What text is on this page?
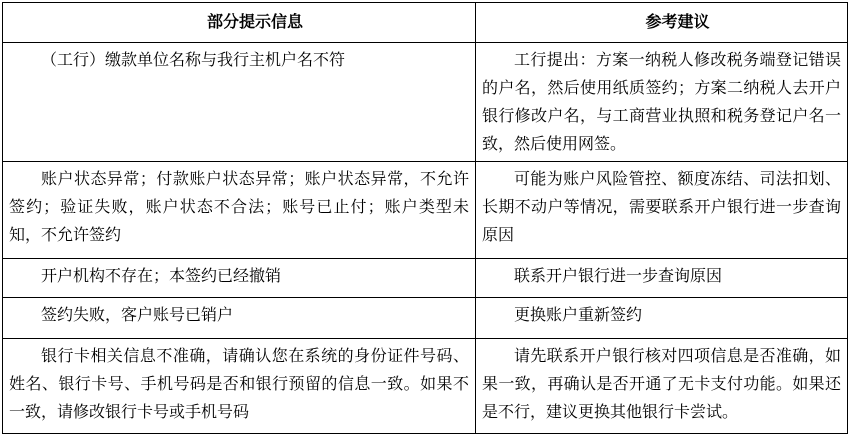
部分提示信息	参考建议

（工行）缴款单位名称与我行主机户名不符	工行提出：方案一纳税人修改税务端登记错误的户名，然后使用纸质签约；方案二纳税人去开户银行修改户名，与工商营业执照和税务登记户名一致，然后使用网签。

账户状态异常；付款账户状态异常；账户状态异常，不允许签约；验证失败，账户状态不合法；账号已止付；账户类型未知，不允许签约	可能为账户风险管控、额度冻结、司法扣划、长期不动户等情况，需要联系开户银行进一步查询原因

开户机构不存在；本签约已经撤销	联系开户银行进一步查询原因

签约失败，客户账号已销户	更换账户重新签约

银行卡相关信息不准确，请确认您在系统的身份证件号码、姓名、银行卡号、手机号码是否和银行预留的信息一致。如果不一致，请修改银行卡号或手机号码	请先联系开户银行核对四项信息是否准确，如果一致，再确认是否开通了无卡支付功能。如果还是不行，建议更换其他银行卡尝试。
